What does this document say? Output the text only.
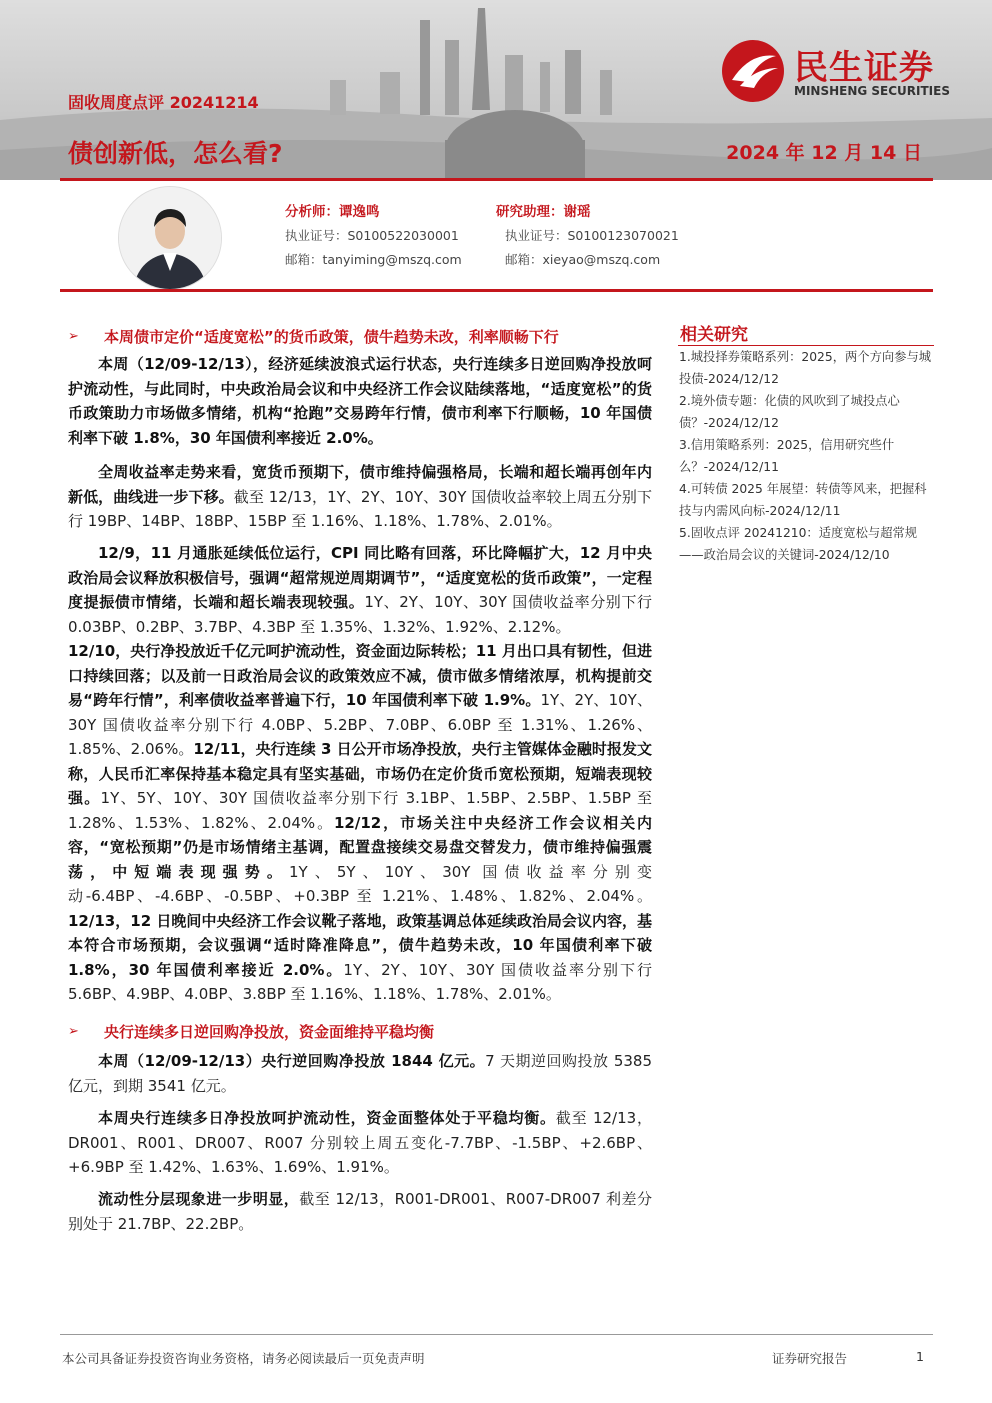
民生证券
MINSHENG SECURITIES
固收周度点评 20241214
债创新低，怎么看?	2024 年 12 月 14 日
分析师：谭逸鸣
执业证号：S0100522030001
邮箱：tanyiming@mszq.com
研究助理：谢瑶
执业证号：S0100123070021
邮箱：xieyao@mszq.com
➢ 本周债市定价“适度宽松”的货币政策，债牛趋势未改，利率顺畅下行
本周（12/09-12/13），经济延续波浪式运行状态，央行连续多日逆回购净投放呵护流动性，与此同时，中央政治局会议和中央经济工作会议陆续落地，“适度宽松”的货币政策助力市场做多情绪，机构“抢跑”交易跨年行情，债市利率下行顺畅，10 年国债利率下破 1.8%，30 年国债利率接近 2.0%。
全周收益率走势来看，宽货币预期下，债市维持偏强格局，长端和超长端再创年内新低，曲线进一步下移。截至 12/13，1Y、2Y、10Y、30Y 国债收益率较上周五分别下行 19BP、14BP、18BP、15BP 至 1.16%、1.18%、1.78%、2.01%。
12/9，11 月通胀延续低位运行，CPI 同比略有回落，环比降幅扩大，12 月中央政治局会议释放积极信号，强调“超常规逆周期调节”，“适度宽松的货币政策”，一定程度提振债市情绪，长端和超长端表现较强。1Y、2Y、10Y、30Y 国债收益率分别下行 0.03BP、0.2BP、3.7BP、4.3BP 至 1.35%、1.32%、1.92%、2.12%。
12/10，央行净投放近千亿元呵护流动性，资金面边际转松；11 月出口具有韧性，但进口持续回落；以及前一日政治局会议的政策效应不减，债市做多情绪浓厚，机构提前交易“跨年行情”，利率债收益率普遍下行，10 年国债利率下破 1.9%。1Y、2Y、10Y、30Y 国债收益率分别下行 4.0BP、5.2BP、7.0BP、6.0BP 至 1.31%、1.26%、1.85%、2.06%。12/11，央行连续 3 日公开市场净投放，央行主管媒体金融时报发文称，人民币汇率保持基本稳定具有坚实基础，市场仍在定价货币宽松预期，短端表现较强。1Y、5Y、10Y、30Y 国债收益率分别下行 3.1BP、1.5BP、2.5BP、1.5BP 至 1.28%、1.53%、1.82%、2.04%。12/12，市场关注中央经济工作会议相关内容，“宽松预期”仍是市场情绪主基调，配置盘接续交易盘交替发力，债市维持偏强震荡，中短端表现强势。1Y、5Y、10Y、30Y 国债收益率分别变动-6.4BP、-4.6BP、-0.5BP、+0.3BP 至 1.21%、1.48%、1.82%、2.04%。12/13，12 日晚间中央经济工作会议靴子落地，政策基调总体延续政治局会议内容，基本符合市场预期，会议强调“适时降准降息”，债牛趋势未改，10 年国债利率下破 1.8%，30 年国债利率接近 2.0%。1Y、2Y、10Y、30Y 国债收益率分别下行 5.6BP、4.9BP、4.0BP、3.8BP 至 1.16%、1.18%、1.78%、2.01%。
➢ 央行连续多日逆回购净投放，资金面维持平稳均衡
本周（12/09-12/13）央行逆回购净投放 1844 亿元。7 天期逆回购投放 5385 亿元，到期 3541 亿元。
本周央行连续多日净投放呵护流动性，资金面整体处于平稳均衡。截至 12/13，DR001、R001、DR007、R007 分别较上周五变化-7.7BP、-1.5BP、+2.6BP、+6.9BP 至 1.42%、1.63%、1.69%、1.91%。
流动性分层现象进一步明显，截至 12/13，R001-DR001、R007-DR007 利差分别处于 21.7BP、22.2BP。
相关研究
1.城投择券策略系列：2025，两个方向参与城投债-2024/12/12
2.境外债专题：化债的风吹到了城投点心债？-2024/12/12
3.信用策略系列：2025，信用研究些什么？-2024/12/11
4.可转债 2025 年展望：转债等风来，把握科技与内需风向标-2024/12/11
5.固收点评 20241210：适度宽松与超常规——政治局会议的关键词-2024/12/10
本公司具备证券投资咨询业务资格，请务必阅读最后一页免责声明	证券研究报告	1
